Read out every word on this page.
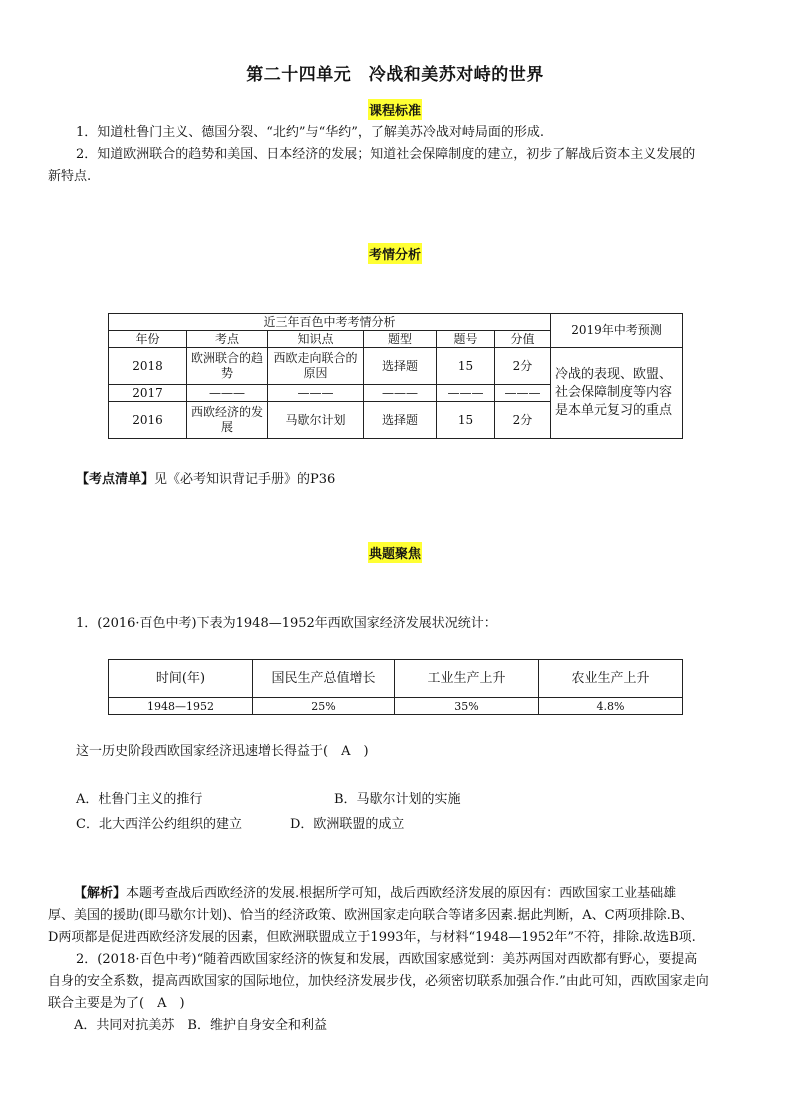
第二十四单元　冷战和美苏对峙的世界
课程标准
1．知道杜鲁门主义、德国分裂、“北约”与“华约”，了解美苏冷战对峙局面的形成.
2．知道欧洲联合的趋势和美国、日本经济的发展；知道社会保障制度的建立，初步了解战后资本主义发展的
新特点.
考情分析
近三年百色中考考情分析						2019年中考预测
年份	考点	知识点	题型	题号	分值	
2018	欧洲联合的趋势	西欧走向联合的原因	选择题	15	2分	冷战的表现、欧盟、社会保障制度等内容是本单元复习的重点
2017	———	———	———	———	———	
2016	西欧经济的发展	马歇尔计划	选择题	15	2分	
【考点清单】见《必考知识背记手册》的P36
典题聚焦
1．(2016·百色中考)下表为1948—1952年西欧国家经济发展状况统计：
时间(年)	国民生产总值增长	工业生产上升	农业生产上升
1948—1952	25%	35%	4.8%
这一历史阶段西欧国家经济迅速增长得益于(　A　)
A．杜鲁门主义的推行	B．马歇尔计划的实施
C．北大西洋公约组织的建立	D．欧洲联盟的成立
【解析】本题考查战后西欧经济的发展.根据所学可知，战后西欧经济发展的原因有：西欧国家工业基础雄
厚、美国的援助(即马歇尔计划)、恰当的经济政策、欧洲国家走向联合等诸多因素.据此判断，A、C两项排除.B、
D两项都是促进西欧经济发展的因素，但欧洲联盟成立于1993年，与材料“1948—1952年”不符，排除.故选B项.
2．(2018·百色中考)“随着西欧国家经济的恢复和发展，西欧国家感觉到：美苏两国对西欧都有野心，要提高
自身的安全系数，提高西欧国家的国际地位，加快经济发展步伐，必须密切联系加强合作.”由此可知，西欧国家走向
联合主要是为了(　A　)
A．共同对抗美苏　B．维护自身安全和利益
